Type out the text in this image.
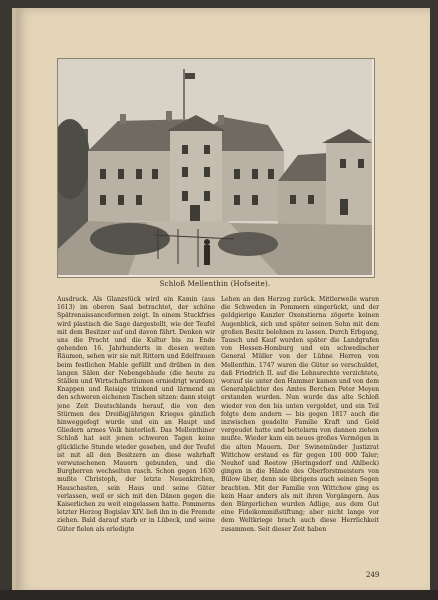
Schloß Mellenthin (Hofseite).

Ausdruck. Als Glanzstück wird ein Kamin (aus 1613) im oberen Saal betrachtet, der schöne Spätrenaissanceformen zeigt. In einem Stuckfries wird plastisch die Sage dargestellt, wie der Teufel mit dem Besitzer auf und davon fährt. Denken wir uns die Pracht und die Kultur bis zu Ende gehenden 16. Jahrhunderts in diesen weiten Räumen, sehen wir sie mit Rittern und Edelfrauen beim festlichen Mahle gefüllt und drüben in den langen Sälen der Nebengebäude (die heute zu Ställen und Wirtschaftsräumen erniedrigt wurden) Knappen und Reisige trinkend und lärmend an den schweren eichenen Tischen sitzen: dann steigt jene Zeit Deutschlands herauf, die von den Stürmen des Dreißigjährigen Krieges gänzlich hinweggefegt wurde und ein an Haupt und Gliedern armes Volk hinterließ. Das Mellenthiner Schloß hat seit jenen schweren Tagen keine glückliche Stunde wieder gesehen, und der Teufel ist mit all den Besitzern an diese wahrhaft verwunschenen Mauern gebunden, und die Burgherren wechselten rasch. Schon gegen 1630 mußte Christoph, der letzte Neuenkirchen, Hauschasten, sein Haus und seine Güter verlassen, weil er sich mit den Dänen gegen die Kaiserlichen zu weit eingelassen hatte. Pommerns letzter Herzog Bogislav XIV. ließ ihn in die Fremde ziehen. Bald darauf starb er in Lübeck, und seine Güter fielen als erledigte

Lehen an den Herzog zurück. Mittlerweile waren die Schweden in Pommern eingerückt, und der geldgierige Kanzler Oxenstierna zögerte keinen Augenblick, sich und später seinen Sohn mit dem großen Besitz belehnen zu lassen. Durch Erbgang, Tausch und Kauf wurden später die Landgrafen von Hessen-Homburg und ein schwedischer General Müller von der Lühne Herren von Mellenthin. 1747 waren die Güter so verschuldet, daß Friedrich II. auf die Lehnsrechte verzichtete, worauf sie unter den Hammer kamen und von dem Generalpächter des Amtes Berchen Peter Meyen erstanden wurden. Nun wurde das alte Schloß wieder von den bis unten vergoldet, und ein Teil folgte dem andern — bis gegen 1817 auch die inzwischen geadelte Familie Kraft und Geld vergeudet hatte und bettelarm von dannen ziehen mußte. Wieder kam ein neues großes Vermögen in die alten Mauern. Der Swinemünder Justizrat Wittchow erstand es für gegen 100 000 Taler; Neuhof und Reetow (Heringsdorf und Ahlbeck) gingen in die Hände des Oberforstmeisters von Bülow über, denn sie übrigens auch seinen Segen brachten. Mit der Familie von Wittchow ging es kein Haar anders als mit ihren Vorgängern. Aus den Bürgerlichen wurden Adlige, aus dem Gut eine Fideikommißstiftung; aber nicht lange vor dem Weltkriege brach auch diese Herrlichkeit zusammen. Seit dieser Zeit haben

249
